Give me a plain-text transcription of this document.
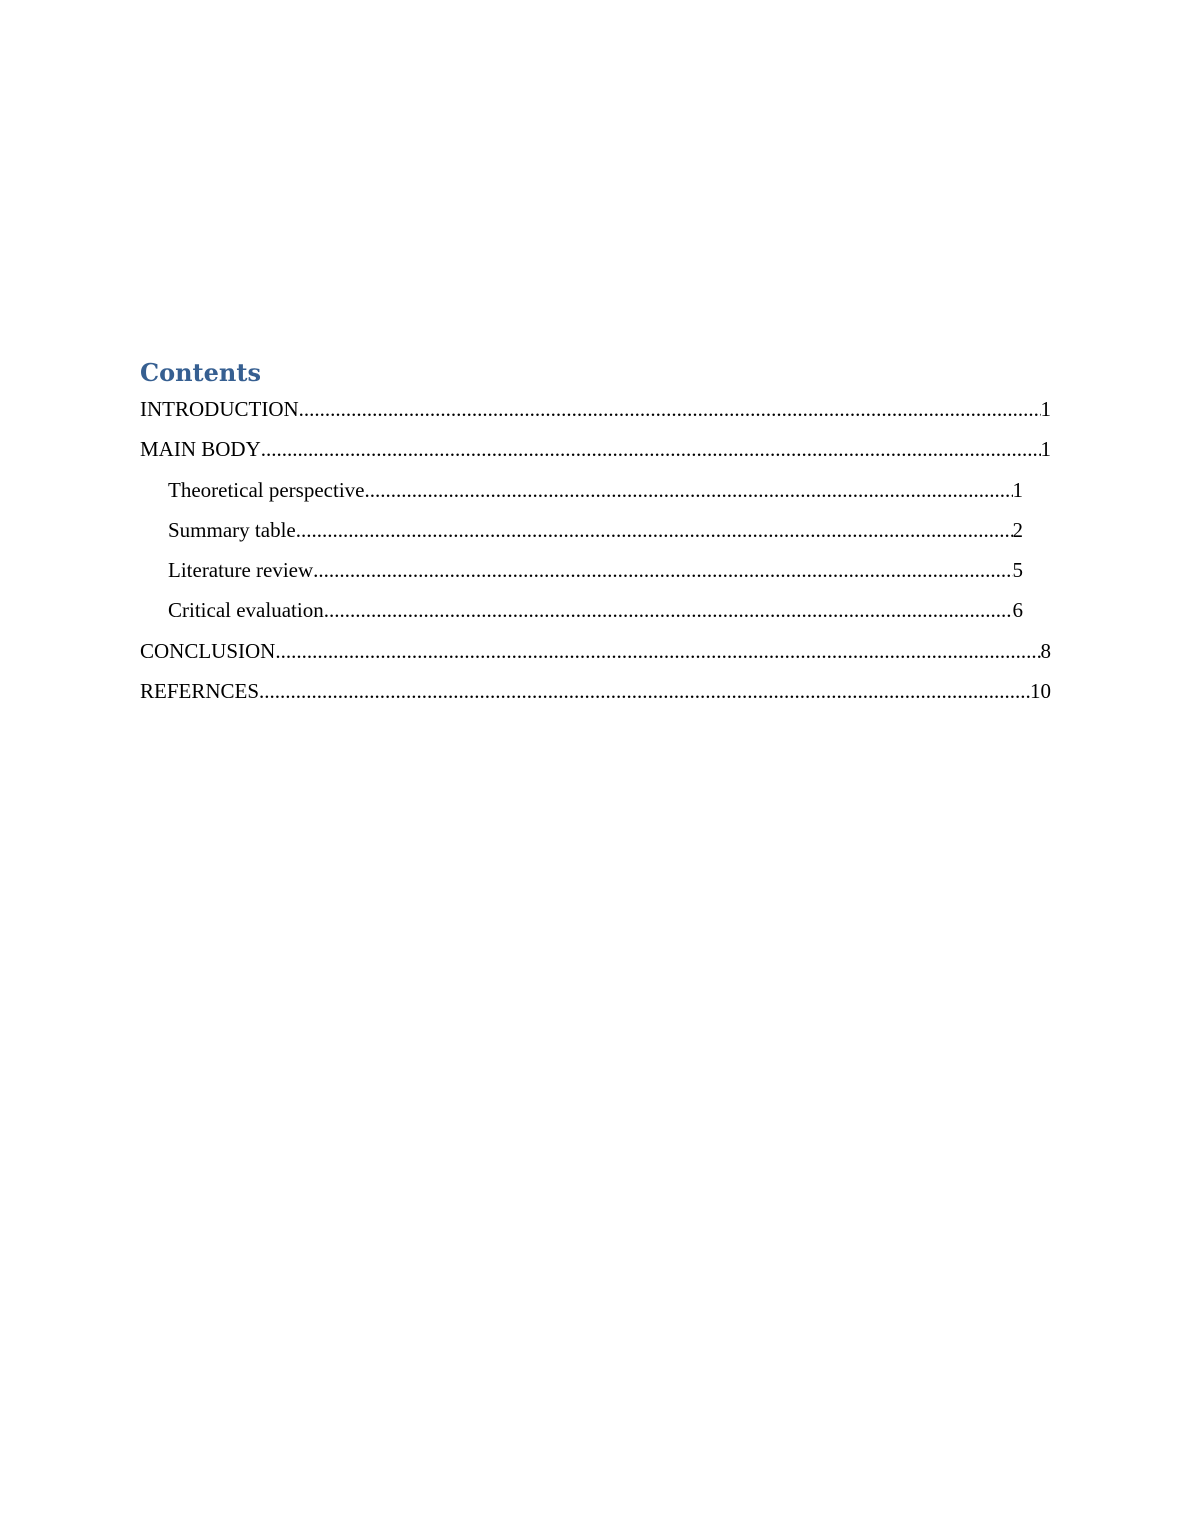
Contents
INTRODUCTION .....	1
MAIN BODY .....	1
Theoretical perspective .....	1
Summary table .....	2
Literature review .....	5
Critical evaluation .....	6
CONCLUSION .....	8
REFERNCES .....	10
